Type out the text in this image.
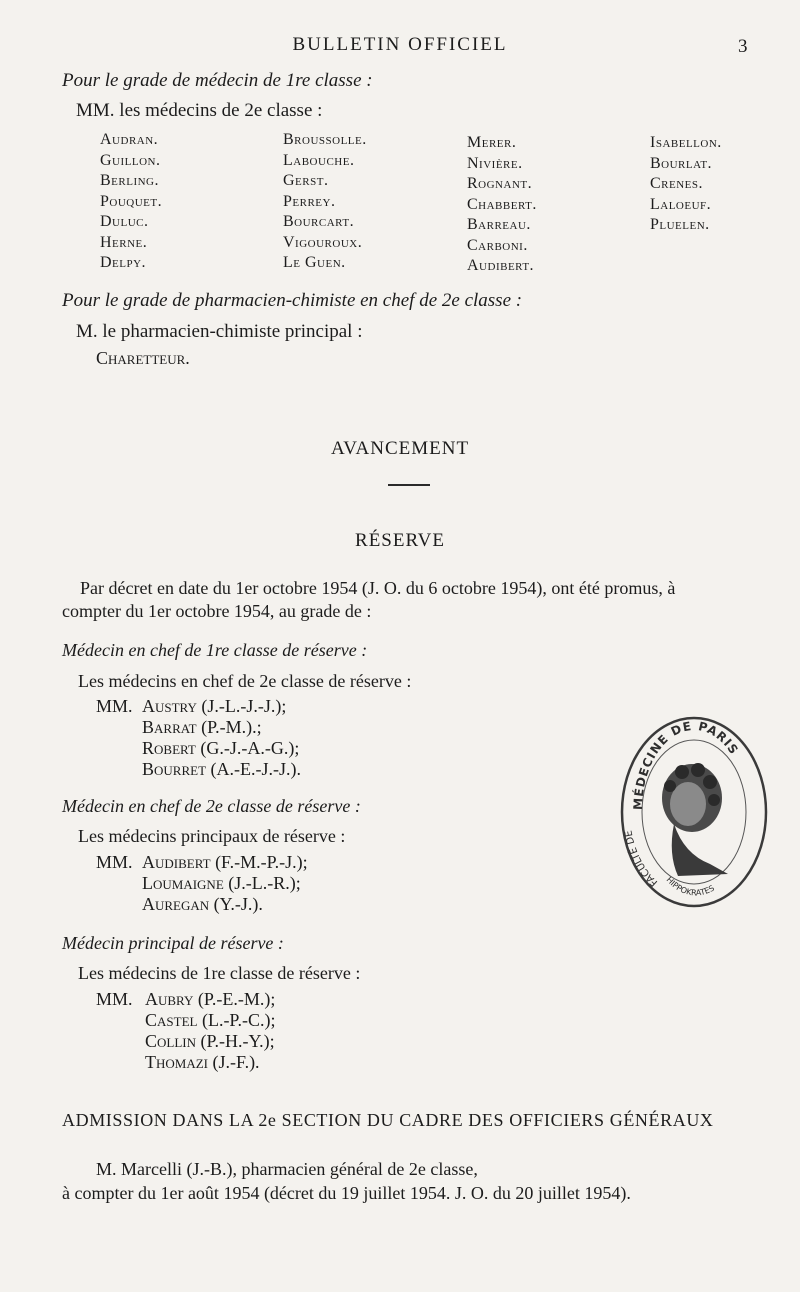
BULLETIN OFFICIEL	3
Pour le grade de médecin de 1re classe :
MM. les médecins de 2e classe :
Audran.
Guillon.
Berling.
Pouquet.
Duluc.
Herne.
Delpy.
Broussolle.
Labouche.
Gerst.
Perrey.
Bourcart.
Vigouroux.
Le Guen.
Merer.
Nivière.
Rognant.
Chabbert.
Barreau.
Carboni.
Audibert.
Isabellon.
Bourlat.
Crenes.
Laloeuf.
Pluelen.
Pour le grade de pharmacien-chimiste en chef de 2e classe :
M. le pharmacien-chimiste principal :
Charetteur.
AVANCEMENT
RÉSERVE
Par décret en date du 1er octobre 1954 (J. O. du 6 octobre 1954), ont été promus, à
compter du 1er octobre 1954, au grade de :
Médecin en chef de 1re classe de réserve :
Les médecins en chef de 2e classe de réserve :
MM. Austry (J.-L.-J.-J.);
Barrat (P.-M.).;
Robert (G.-J.-A.-G.);
Bourret (A.-E.-J.-J.).
Médecin en chef de 2e classe de réserve :
Les médecins principaux de réserve :
MM. Audibert (F.-M.-P.-J.);
Loumaigne (J.-L.-R.);
Auregan (Y.-J.).
Médecin principal de réserve :
Les médecins de 1re classe de réserve :
MM. Aubry (P.-E.-M.);
Castel (L.-P.-C.);
Collin (P.-H.-Y.);
Thomazi (J.-F.).
ADMISSION DANS LA 2e SECTION DU CADRE DES OFFICIERS GÉNÉRAUX
M. Marcelli (J.-B.), pharmacien général de 2e classe,
à compter du 1er août 1954 (décret du 19 juillet 1954. J. O. du 20 juillet 1954).
MÉDECINE DE PARIS
FACULTÉ DE
HIPPOKRATES
